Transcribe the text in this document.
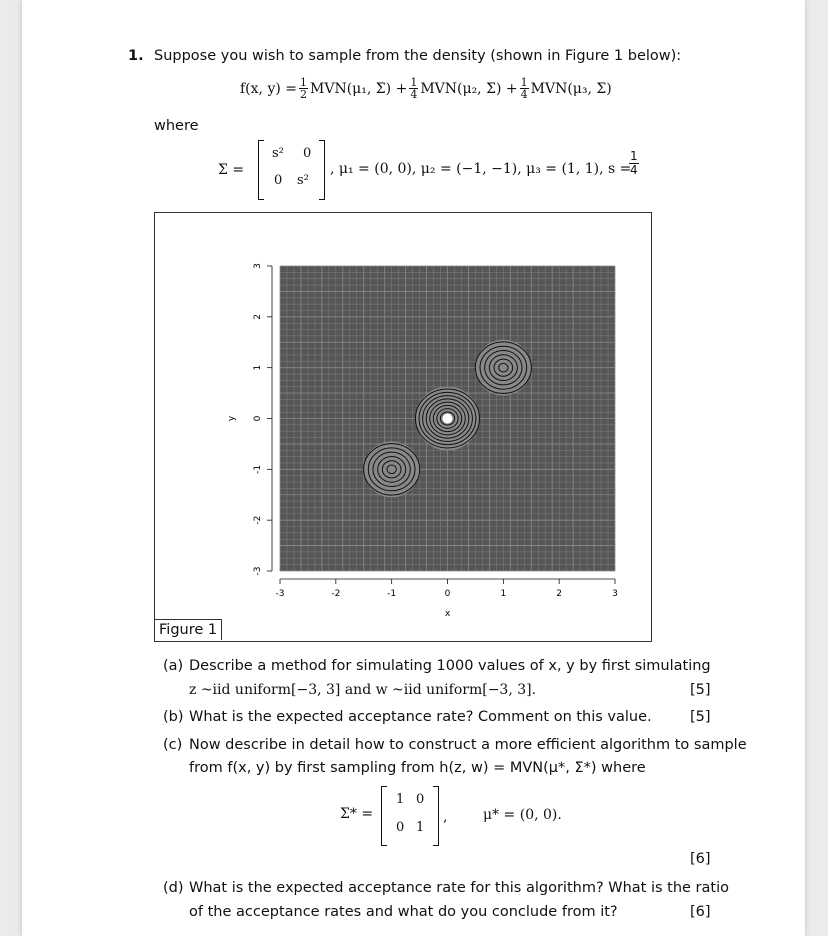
1. Suppose you wish to sample from the density (shown in Figure 1 below):
f(x, $y) = \frac{1}{2} MVN(\mu_1$, $\Sigma) + \frac{1}{4} MVN(\mu_2$, $\Sigma) + \frac{1}{4} MVN(\mu_3$, Σ)
where
Σ =
s² 0
0 s²
, μ₁ = (0, 0), μ₂ = (−1, −1), μ₃ = (1, 1), s =
$\frac{1}{4}$
-3	-2	-1	0	1	2	3
-3
-2
-1
0
1
2
3
x
y
Figure 1
(a) Describe a method for simulating 1000 values of x, y by first simulating
z ~iid uniform[−3, 3] and w ~iid uniform[−3, 3].	[5]
(b) What is the expected acceptance rate? Comment on this value.	[5]
(c) Now describe in detail how to construct a more efficient algorithm to sample
from f(x, y) by first sampling from h(z, w) = MVN(μ*, Σ*) where
Σ* =
1 0
0 1
,	μ* = (0, 0).
[6]
(d) What is the expected acceptance rate for this algorithm? What is the ratio
of the acceptance rates and what do you conclude from it?	[6]
